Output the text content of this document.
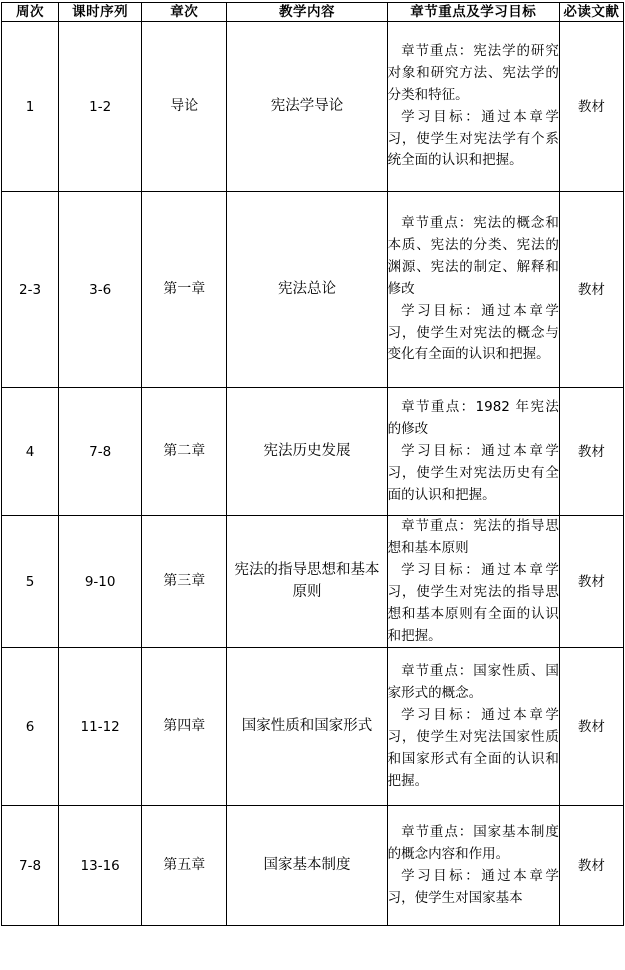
周次	课时序列	章次	教学内容	章节重点及学习目标	必读文献
1	1-2	导论	宪法学导论	章节重点：宪法学的研究对象和研究方法、宪法学的分类和特征。

学习目标：通过本章学习，使学生对宪法学有个系统全面的认识和把握。	教材
2-3	3-6	第一章	宪法总论	章节重点：宪法的概念和本质、宪法的分类、宪法的渊源、宪法的制定、解释和修改

学习目标：通过本章学习，使学生对宪法的概念与变化有全面的认识和把握。	教材
4	7-8	第二章	宪法历史发展	章节重点：1982 年宪法的修改

学习目标：通过本章学习，使学生对宪法历史有全面的认识和把握。	教材
5	9-10	第三章	宪法的指导思想和基本原则	章节重点：宪法的指导思想和基本原则

学习目标：通过本章学习，使学生对宪法的指导思想和基本原则有全面的认识和把握。	教材
6	11-12	第四章	国家性质和国家形式	章节重点：国家性质、国家形式的概念。

学习目标：通过本章学习，使学生对宪法国家性质和国家形式有全面的认识和把握。	教材
7-8	13-16	第五章	国家基本制度	章节重点：国家基本制度的概念内容和作用。

学习目标：通过本章学习，使学生对国家基本	教材
